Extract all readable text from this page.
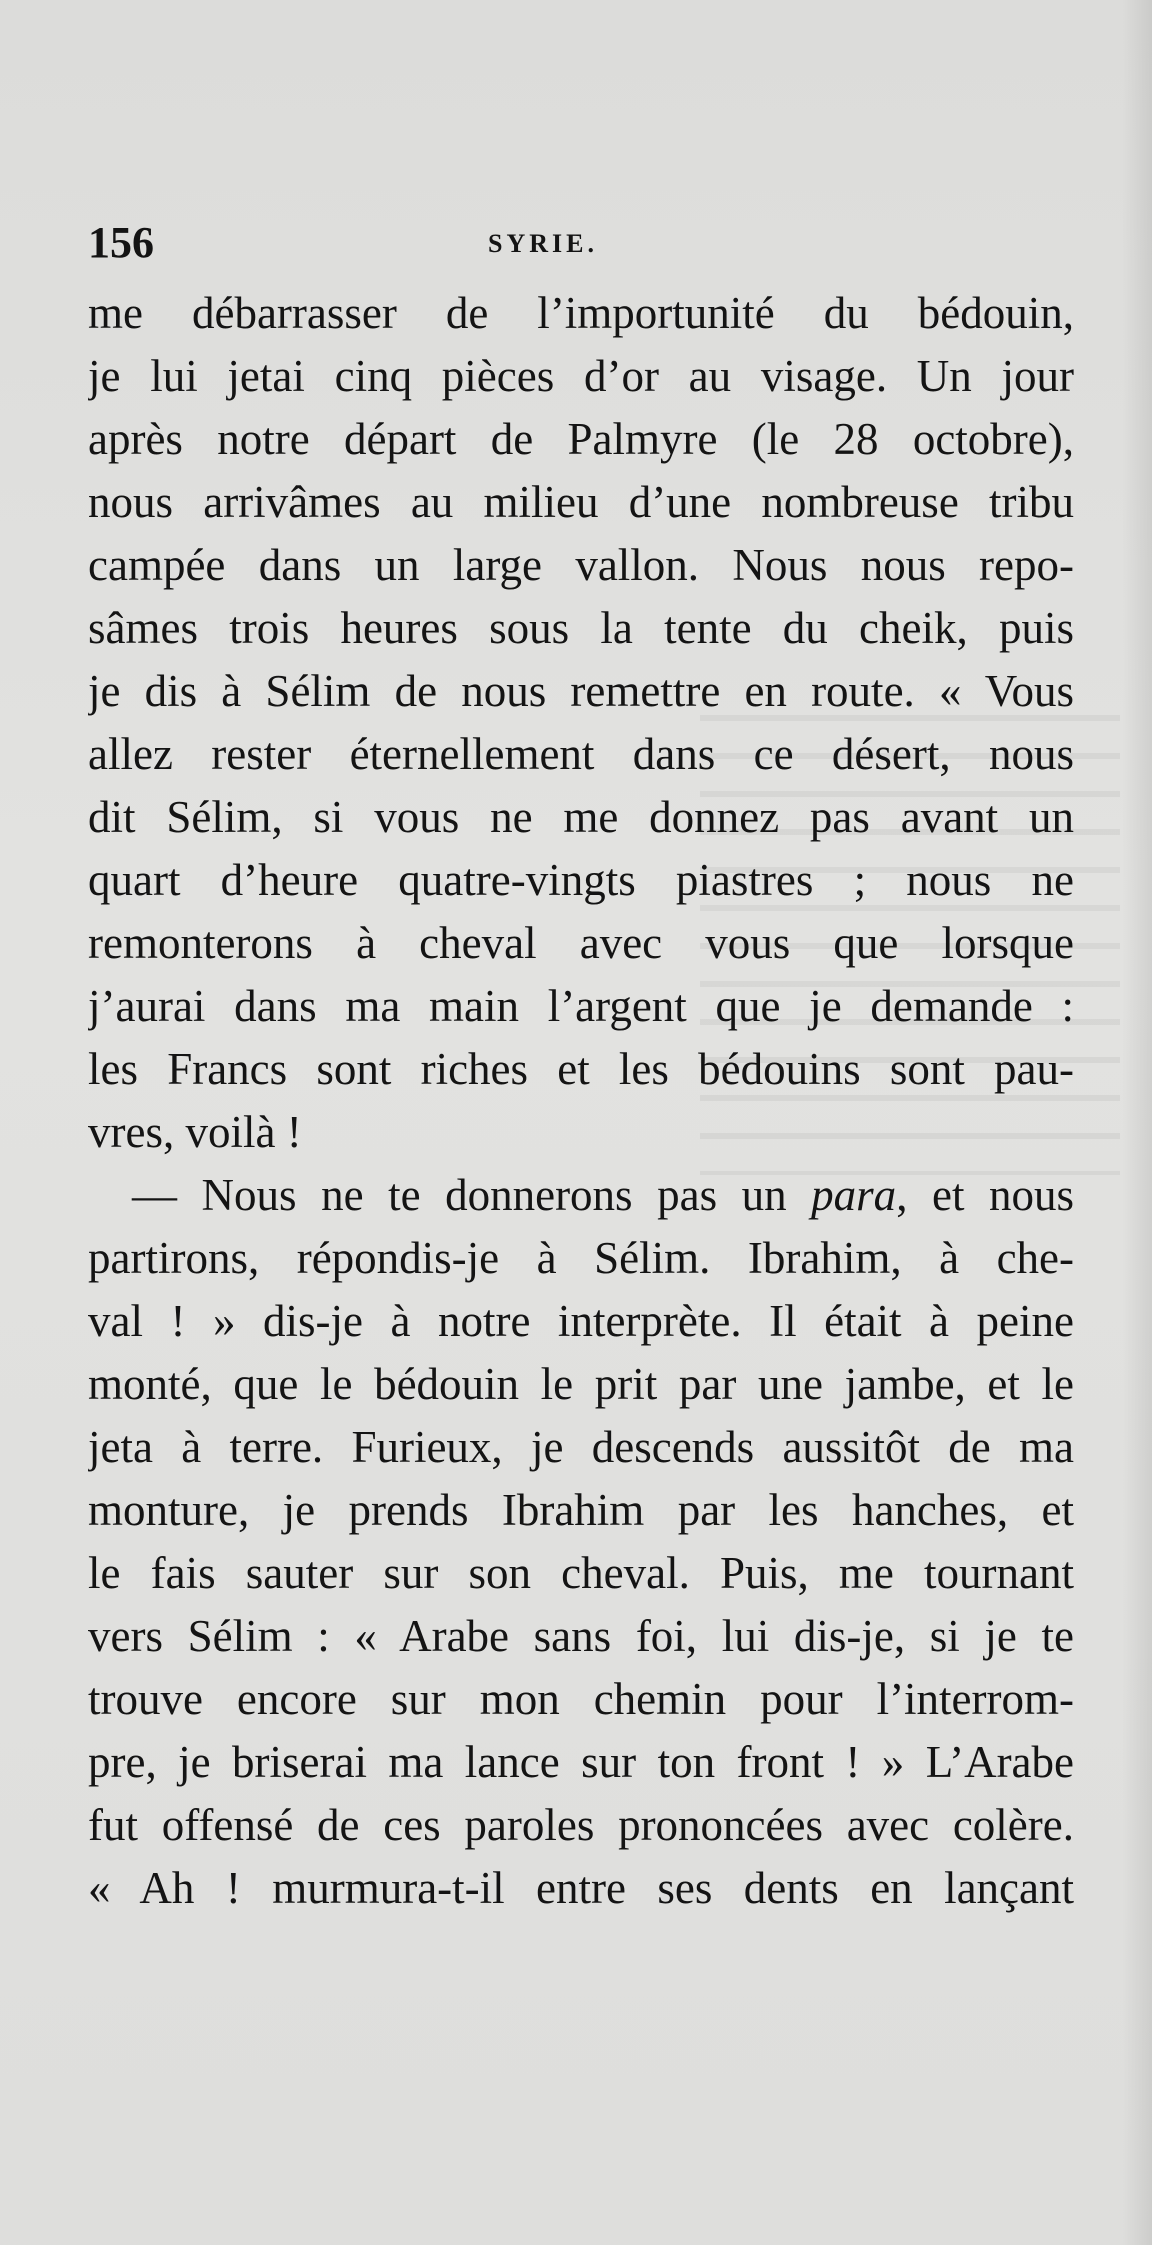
156	SYRIE.
me débarrasser de l’importunité du bédouin,
je lui jetai cinq pièces d’or au visage. Un jour
après notre départ de Palmyre (le 28 octobre),
nous arrivâmes au milieu d’une nombreuse tribu
campée dans un large vallon. Nous nous repo-
sâmes trois heures sous la tente du cheik, puis
je dis à Sélim de nous remettre en route. « Vous
allez rester éternellement dans ce désert, nous
dit Sélim, si vous ne me donnez pas avant un
quart d’heure quatre-vingts piastres ; nous ne
remonterons à cheval avec vous que lorsque
j’aurai dans ma main l’argent que je demande :
les Francs sont riches et les bédouins sont pau-
vres, voilà !
— Nous ne te donnerons pas un para, et nous
partirons, répondis-je à Sélim. Ibrahim, à che-
val ! » dis-je à notre interprète. Il était à peine
monté, que le bédouin le prit par une jambe, et le
jeta à terre. Furieux, je descends aussitôt de ma
monture, je prends Ibrahim par les hanches, et
le fais sauter sur son cheval. Puis, me tournant
vers Sélim : « Arabe sans foi, lui dis-je, si je te
trouve encore sur mon chemin pour l’interrom-
pre, je briserai ma lance sur ton front ! » L’Arabe
fut offensé de ces paroles prononcées avec colère.
« Ah ! murmura-t-il entre ses dents en lançant
